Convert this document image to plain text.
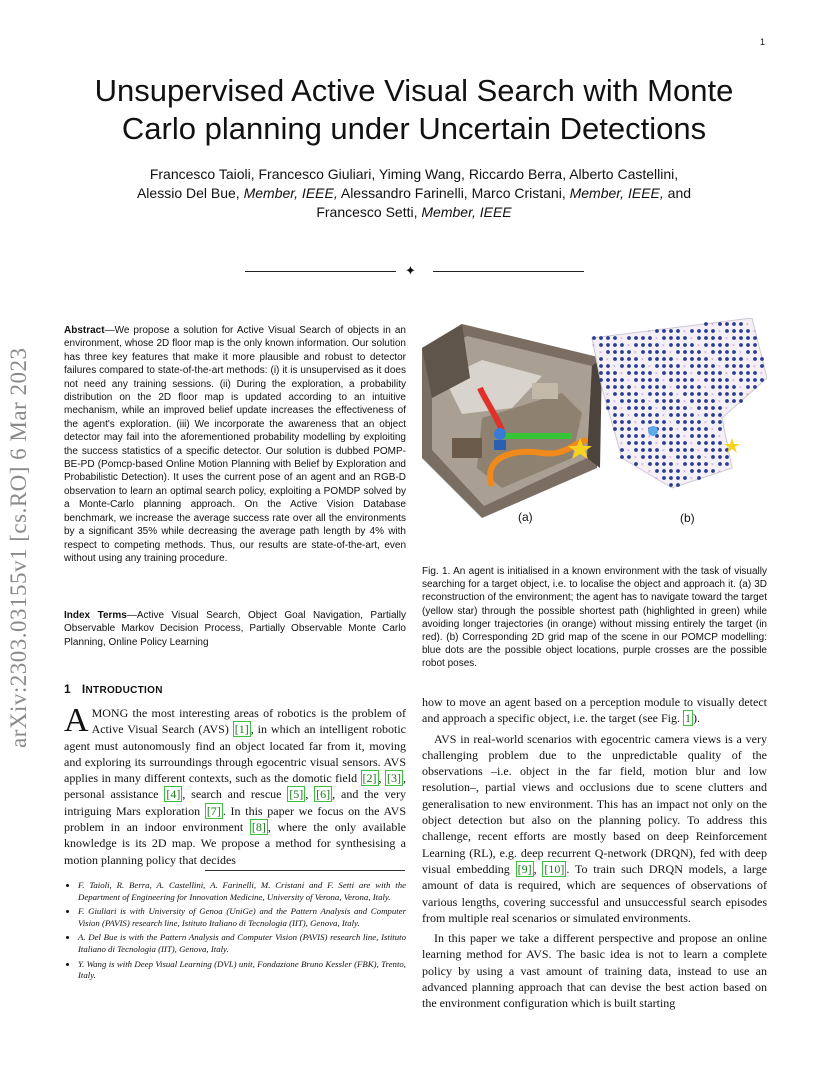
1
arXiv:2303.03155v1 [cs.RO] 6 Mar 2023
Unsupervised Active Visual Search with Monte Carlo planning under Uncertain Detections
Francesco Taioli, Francesco Giuliari, Yiming Wang, Riccardo Berra, Alberto Castellini,
Alessio Del Bue, Member, IEEE, Alessandro Farinelli, Marco Cristani, Member, IEEE, and
Francesco Setti, Member, IEEE
✦
Abstract—We propose a solution for Active Visual Search of objects in an environment, whose 2D floor map is the only known information. Our solution has three key features that make it more plausible and robust to detector failures compared to state-of-the-art methods: (i) it is unsupervised as it does not need any training sessions. (ii) During the exploration, a probability distribution on the 2D floor map is updated according to an intuitive mechanism, while an improved belief update increases the effectiveness of the agent's exploration. (iii) We incorporate the awareness that an object detector may fail into the aforementioned probability modelling by exploiting the success statistics of a specific detector. Our solution is dubbed POMP-BE-PD (Pomcp-based Online Motion Planning with Belief by Exploration and Probabilistic Detection). It uses the current pose of an agent and an RGB-D observation to learn an optimal search policy, exploiting a POMDP solved by a Monte-Carlo planning approach. On the Active Vision Database benchmark, we increase the average success rate over all the environments by a significant 35% while decreasing the average path length by 4% with respect to competing methods. Thus, our results are state-of-the-art, even without using any training procedure.
Index Terms—Active Visual Search, Object Goal Navigation, Partially Observable Markov Decision Process, Partially Observable Monte Carlo Planning, Online Policy Learning
×	×
×	×	×	×
×	×	×	×
×	×	×	×	×
×	×	×	×	×
×	×	×	×	×
×	×	×	×	×
×	×	×	×	×
×	×	×	×
×	×	×	×
×	×	×	×	×
×	×	×	×
×	×	×	×
×	×	×
×	×	×
×	×	×
×	×	×
×	×	×
×	×	×
×	×	×
×	×	×
×	×	×
×	×
(a)	(b)
Fig. 1. An agent is initialised in a known environment with the task of visually searching for a target object, i.e. to localise the object and approach it. (a) 3D reconstruction of the environment; the agent has to navigate toward the target (yellow star) through the possible shortest path (highlighted in green) while avoiding longer trajectories (in orange) without missing entirely the target (in red). (b) Corresponding 2D grid map of the scene in our POMCP modelling: blue dots are the possible object locations, purple crosses are the possible robot poses.
1 INTRODUCTION
AMONG the most interesting areas of robotics is the problem of Active Visual Search (AVS) [1] , in which an intelligent robotic agent must autonomously find an object located far from it, moving and exploring its surroundings through egocentric visual sensors. AVS applies in many different contexts, such as the domotic field [2] , [3] , personal assistance [4] , search and rescue [5] , [6] , and the very intriguing Mars exploration [7] . In this paper we focus on the AVS problem in an indoor environment [8] , where the only available knowledge is its 2D map. We propose a method for synthesising a motion planning policy that decides

how to move an agent based on a perception module to visually detect and approach a specific object, i.e. the target (see Fig. 1 ).

AVS in real-world scenarios with egocentric camera views is a very challenging problem due to the unpredictable quality of the observations –i.e. object in the far field, motion blur and low resolution–, partial views and occlusions due to scene clutters and generalisation to new environment. This has an impact not only on the object detection but also on the planning policy. To address this challenge, recent efforts are mostly based on deep Reinforcement Learning (RL), e.g. deep recurrent Q-network (DRQN), fed with deep visual embedding [9] , [10] . To train such DRQN models, a large amount of data is required, which are sequences of observations of various lengths, covering successful and unsuccessful search episodes from multiple real scenarios or simulated environments.

In this paper we take a different perspective and propose an online learning method for AVS. The basic idea is not to learn a complete policy by using a vast amount of training data, instead to use an advanced planning approach that can devise the best action based on the environment configuration which is built starting

• F. Taioli, R. Berra, A. Castellini, A. Farinelli, M. Cristani and F. Setti are with the Department of Engineering for Innovation Medicine, University of Verona, Verona, Italy.
• F. Giuliari is with University of Genoa (UniGe) and the Pattern Analysis and Computer Vision (PAVIS) research line, Istituto Italiano di Tecnologia (IIT), Genova, Italy.
• A. Del Bue is with the Pattern Analysis and Computer Vision (PAVIS) research line, Istituto Italiano di Tecnologia (IIT), Genova, Italy.
• Y. Wang is with Deep Visual Learning (DVL) unit, Fondazione Bruno Kessler (FBK), Trento, Italy.
